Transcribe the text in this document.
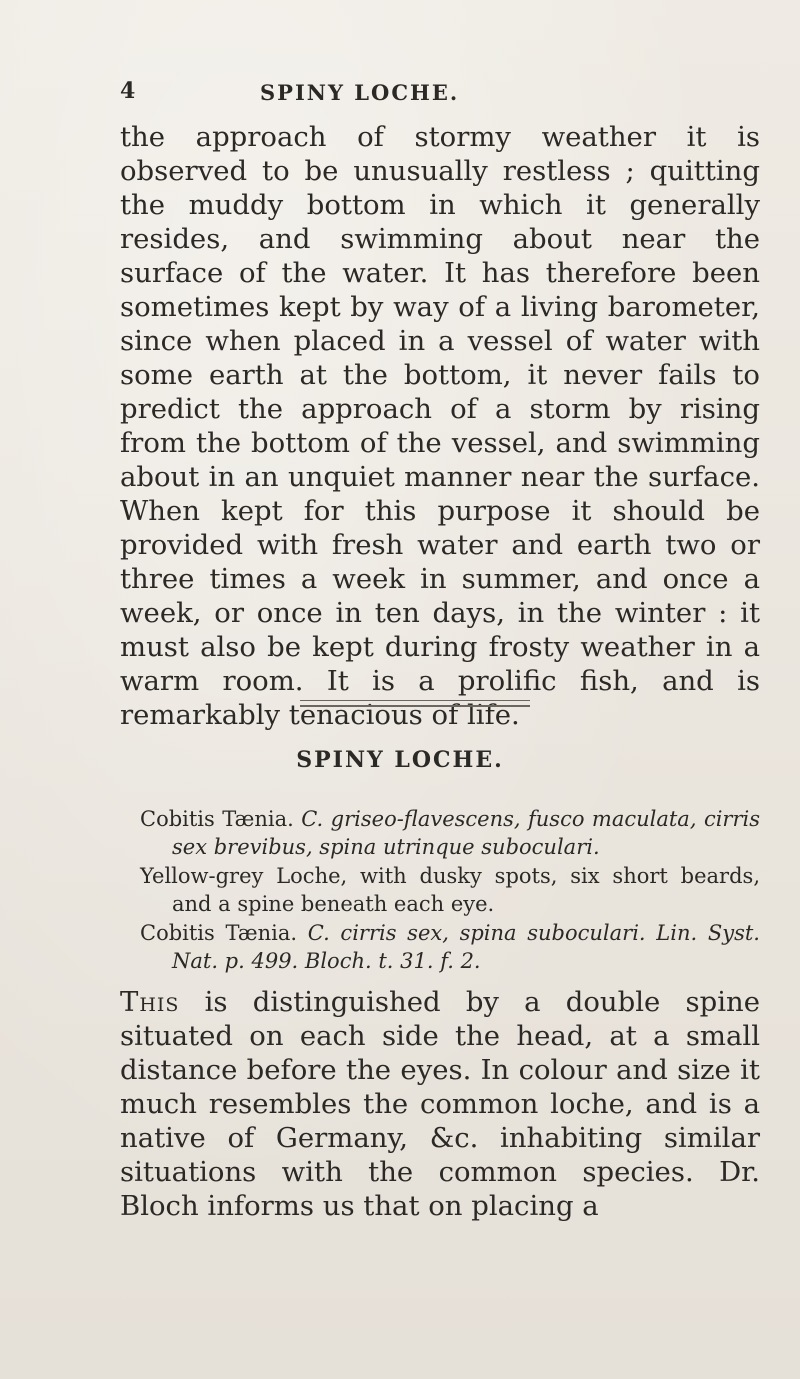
4	SPINY LOCHE.

the approach of stormy weather it is observed to be unusually restless ; quitting the muddy bottom in which it generally resides, and swimming about near the surface of the water. It has therefore been sometimes kept by way of a living barometer, since when placed in a vessel of water with some earth at the bottom, it never fails to predict the approach of a storm by rising from the bottom of the vessel, and swimming about in an unquiet manner near the surface. When kept for this purpose it should be provided with fresh water and earth two or three times a week in summer, and once a week, or once in ten days, in the winter : it must also be kept during frosty weather in a warm room. It is a prolific fish, and is remarkably tenacious of life.

SPINY LOCHE.

Cobitis Tænia. C. griseo-flavescens, fusco maculata, cirris sex brevibus, spina utrinque suboculari.

Yellow-grey Loche, with dusky spots, six short beards, and a spine beneath each eye.

Cobitis Tænia. C. cirris sex, spina suboculari. Lin. Syst. Nat. p. 499. Bloch. t. 31. f. 2.

This is distinguished by a double spine situated on each side the head, at a small distance before the eyes. In colour and size it much resembles the common loche, and is a native of Germany, &c. inhabiting similar situations with the common species. Dr. Bloch informs us that on placing a
